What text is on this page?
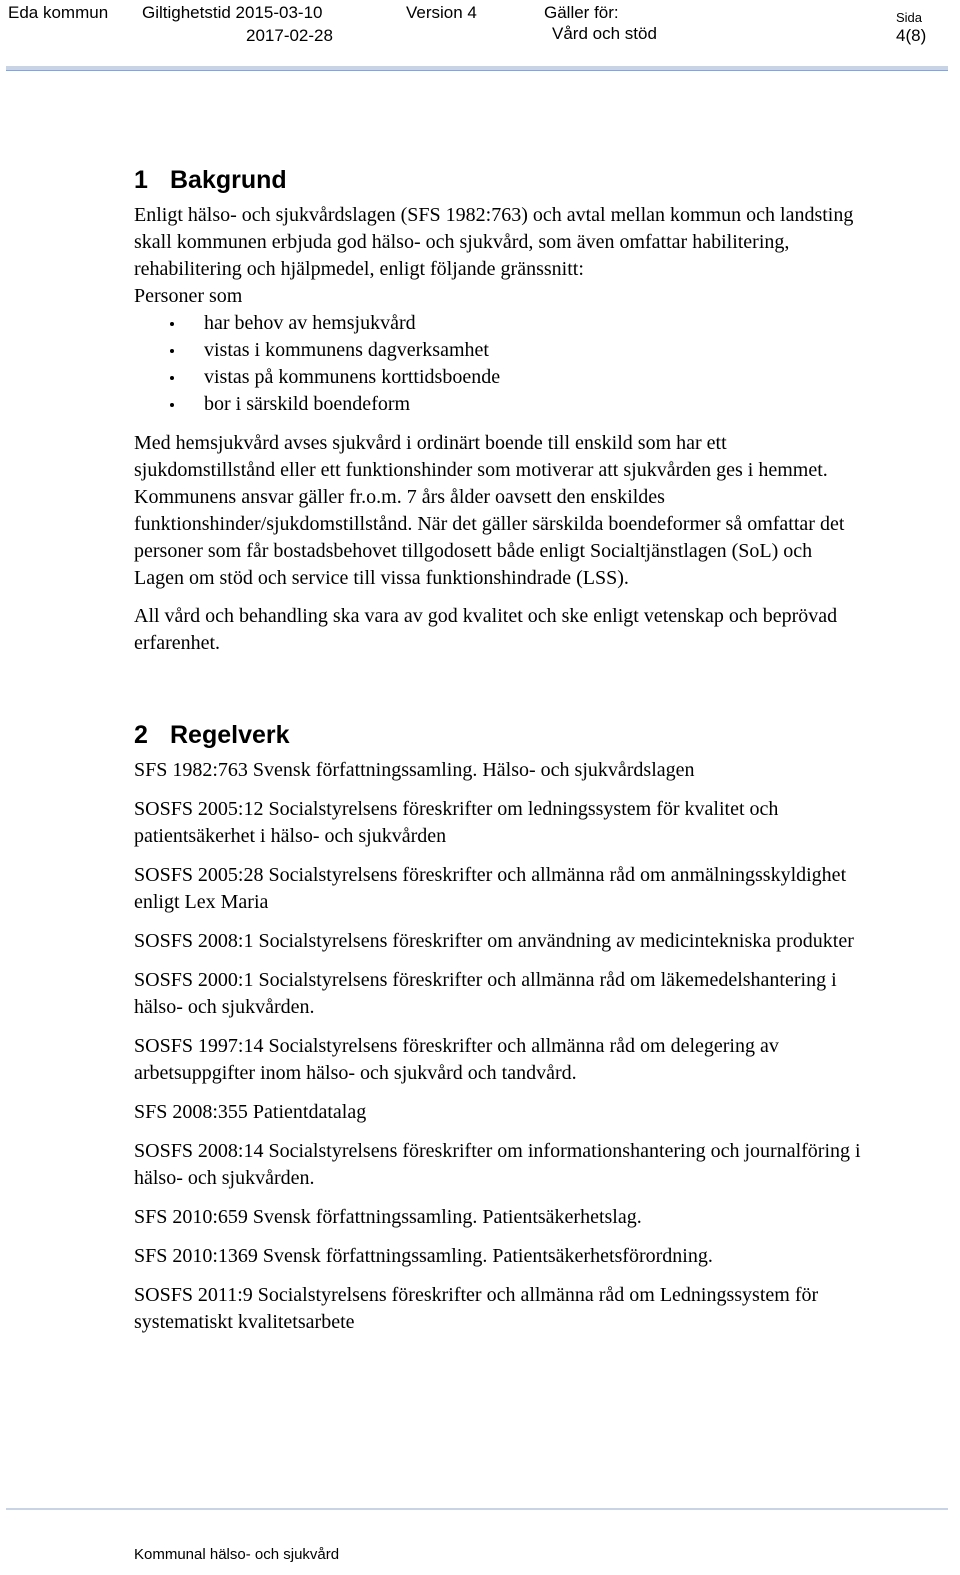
Eda kommun Giltighetstid 2015-03-10
2017-02-28
Version 4	Gäller för:
Vård och stöd
Sida
4(8)
1 Bakgrund

Enligt hälso- och sjukvårdslagen (SFS 1982:763) och avtal mellan kommun och landsting skall kommunen erbjuda god hälso- och sjukvård, som även omfattar habilitering, rehabilitering och hjälpmedel, enligt följande gränssnitt:

Personer som

har behov av hemsjukvård
vistas i kommunens dagverksamhet
vistas på kommunens korttidsboende
bor i särskild boendeform

Med hemsjukvård avses sjukvård i ordinärt boende till enskild som har ett sjukdomstillstånd eller ett funktionshinder som motiverar att sjukvården ges i hemmet. Kommunens ansvar gäller fr.o.m. 7 års ålder oavsett den enskildes funktionshinder/sjukdomstillstånd. När det gäller särskilda boendeformer så omfattar det personer som får bostadsbehovet tillgodosett både enligt Socialtjänstlagen (SoL) och Lagen om stöd och service till vissa funktionshindrade (LSS).

All vård och behandling ska vara av god kvalitet och ske enligt vetenskap och beprövad erfarenhet.

2 Regelverk

SFS 1982:763 Svensk författningssamling. Hälso- och sjukvårdslagen

SOSFS 2005:12 Socialstyrelsens föreskrifter om ledningssystem för kvalitet och patientsäkerhet i hälso- och sjukvården

SOSFS 2005:28 Socialstyrelsens föreskrifter och allmänna råd om anmälningsskyldighet enligt Lex Maria

SOSFS 2008:1 Socialstyrelsens föreskrifter om användning av medicintekniska produkter

SOSFS 2000:1 Socialstyrelsens föreskrifter och allmänna råd om läkemedelshantering i hälso- och sjukvården.

SOSFS 1997:14 Socialstyrelsens föreskrifter och allmänna råd om delegering av arbetsuppgifter inom hälso- och sjukvård och tandvård.

SFS 2008:355 Patientdatalag

SOSFS 2008:14 Socialstyrelsens föreskrifter om informationshantering och journalföring i hälso- och sjukvården.

SFS 2010:659 Svensk författningssamling. Patientsäkerhetslag.

SFS 2010:1369 Svensk författningssamling. Patientsäkerhetsförordning.

SOSFS 2011:9 Socialstyrelsens föreskrifter och allmänna råd om Ledningssystem för systematiskt kvalitetsarbete

Kommunal hälso- och sjukvård
